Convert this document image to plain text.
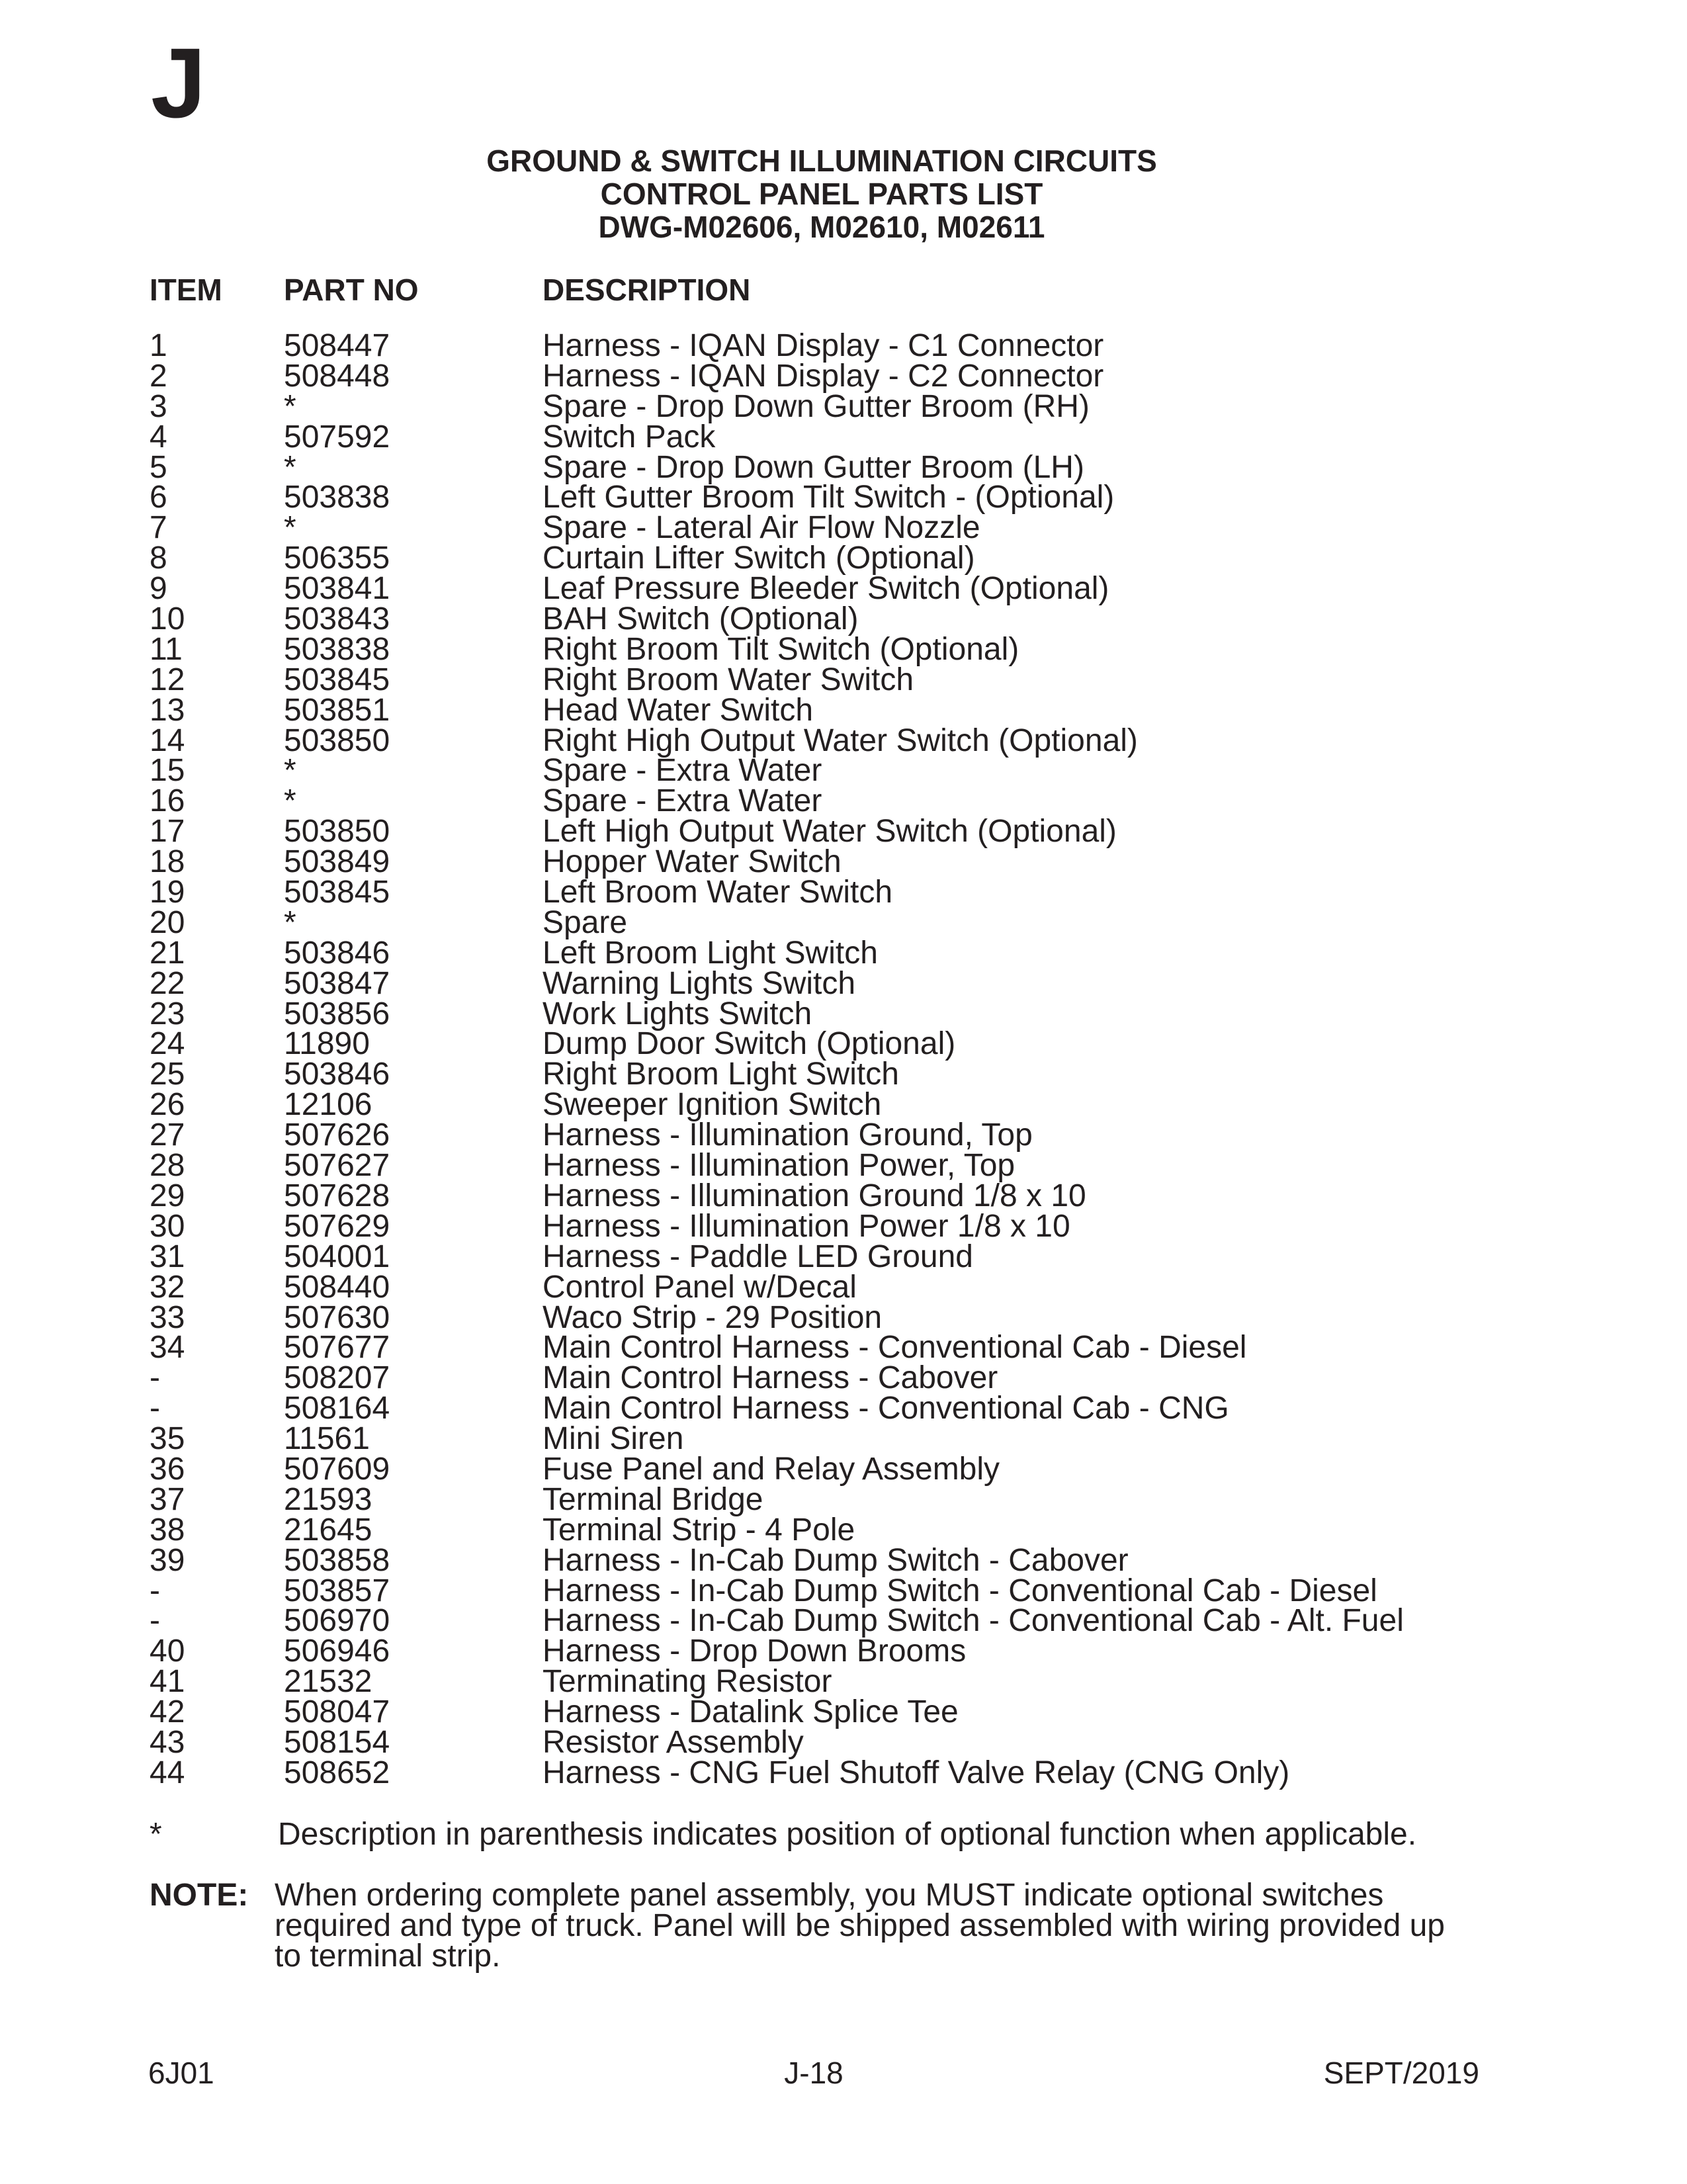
J
GROUND & SWITCH ILLUMINATION CIRCUITS
CONTROL PANEL PARTS LIST
DWG-M02606, M02610, M02611
ITEM PART NO	DESCRIPTION
1	508447	Harness - IQAN Display - C1 Connector
2	508448	Harness - IQAN Display - C2 Connector
3	*	Spare - Drop Down Gutter Broom (RH)
4	507592	Switch Pack
5	*	Spare - Drop Down Gutter Broom (LH)
6	503838	Left Gutter Broom Tilt Switch - (Optional)
7	*	Spare - Lateral Air Flow Nozzle
8	506355	Curtain Lifter Switch (Optional)
9	503841	Leaf Pressure Bleeder Switch (Optional)
10	503843	BAH Switch (Optional)
11	503838	Right Broom Tilt Switch (Optional)
12	503845	Right Broom Water Switch
13	503851	Head Water Switch
14	503850	Right High Output Water Switch (Optional)
15	*	Spare - Extra Water
16	*	Spare - Extra Water
17	503850	Left High Output Water Switch (Optional)
18	503849	Hopper Water Switch
19	503845	Left Broom Water Switch
20	*	Spare
21	503846	Left Broom Light Switch
22	503847	Warning Lights Switch
23	503856	Work Lights Switch
24	11890	Dump Door Switch (Optional)
25	503846	Right Broom Light Switch
26	12106	Sweeper Ignition Switch
27	507626	Harness - Illumination Ground, Top
28	507627	Harness - Illumination Power, Top
29	507628	Harness - Illumination Ground 1/8 x 10
30	507629	Harness - Illumination Power 1/8 x 10
31	504001	Harness - Paddle LED Ground
32	508440	Control Panel w/Decal
33	507630	Waco Strip - 29 Position
34	507677	Main Control Harness - Conventional Cab - Diesel
-	508207	Main Control Harness - Cabover
-	508164	Main Control Harness - Conventional Cab - CNG
35	11561	Mini Siren
36	507609	Fuse Panel and Relay Assembly
37	21593	Terminal Bridge
38	21645	Terminal Strip - 4 Pole
39	503858	Harness - In-Cab Dump Switch - Cabover
-	503857	Harness - In-Cab Dump Switch - Conventional Cab - Diesel
-	506970	Harness - In-Cab Dump Switch - Conventional Cab - Alt. Fuel
40	506946	Harness - Drop Down Brooms
41	21532	Terminating Resistor
42	508047	Harness - Datalink Splice Tee
43	508154	Resistor Assembly
44	508652	Harness - CNG Fuel Shutoff Valve Relay (CNG Only)
*	Description in parenthesis indicates position of optional function when applicable.
NOTE: When ordering complete panel assembly, you MUST indicate optional switches required and type of truck. Panel will be shipped assembled with wiring provided up to terminal strip.
6J01	J-18	SEPT/2019
